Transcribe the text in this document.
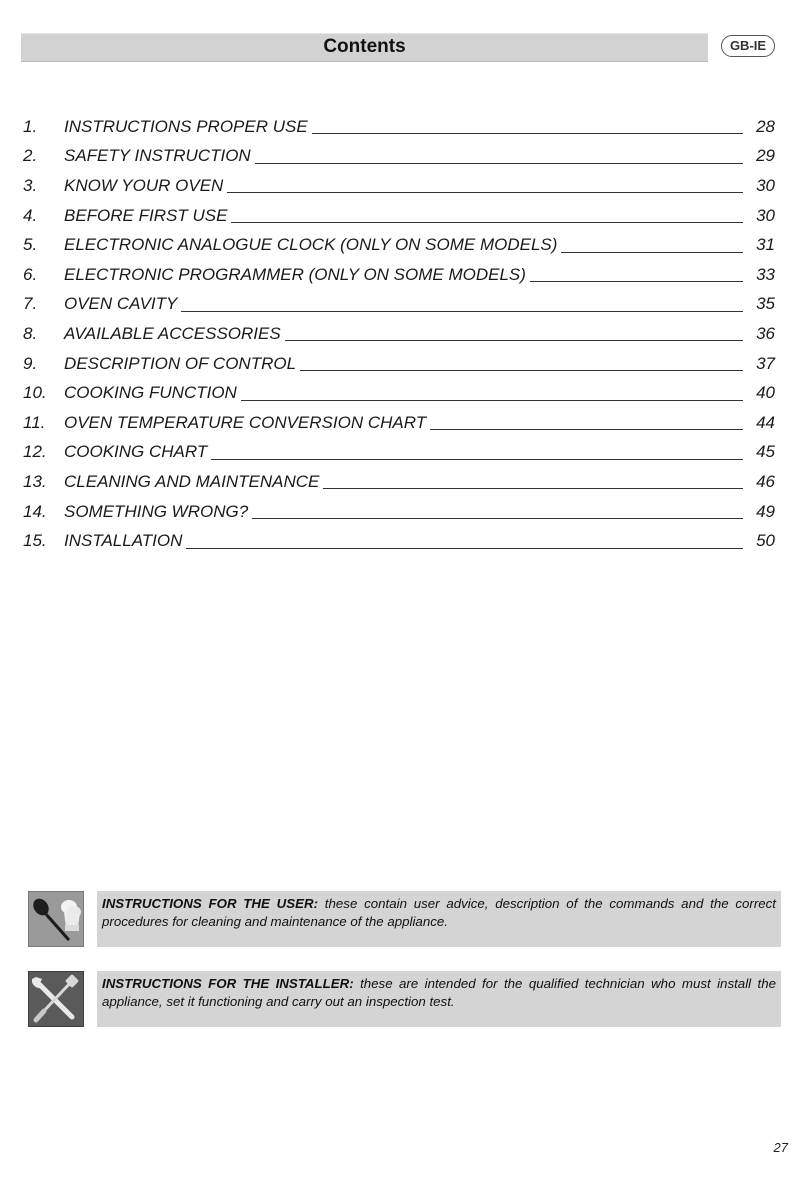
Contents	GB-IE
1.	INSTRUCTIONS PROPER USE	28
2.	SAFETY INSTRUCTION	29
3.	KNOW YOUR OVEN	30
4.	BEFORE FIRST USE	30
5.	ELECTRONIC ANALOGUE CLOCK (ONLY ON SOME MODELS)	31
6.	ELECTRONIC PROGRAMMER (ONLY ON SOME MODELS)	33
7.	OVEN CAVITY	35
8.	AVAILABLE ACCESSORIES	36
9.	DESCRIPTION OF CONTROL	37
10.	COOKING FUNCTION	40
11.	OVEN TEMPERATURE CONVERSION CHART	44
12.	COOKING CHART	45
13.	CLEANING AND MAINTENANCE	46
14.	SOMETHING WRONG?	49
15.	INSTALLATION	50
INSTRUCTIONS FOR THE USER: these contain user advice, description of the commands and the correct procedures for cleaning and maintenance of the appliance.
INSTRUCTIONS FOR THE INSTALLER: these are intended for the qualified technician who must install the appliance, set it functioning and carry out an inspection test.
27
